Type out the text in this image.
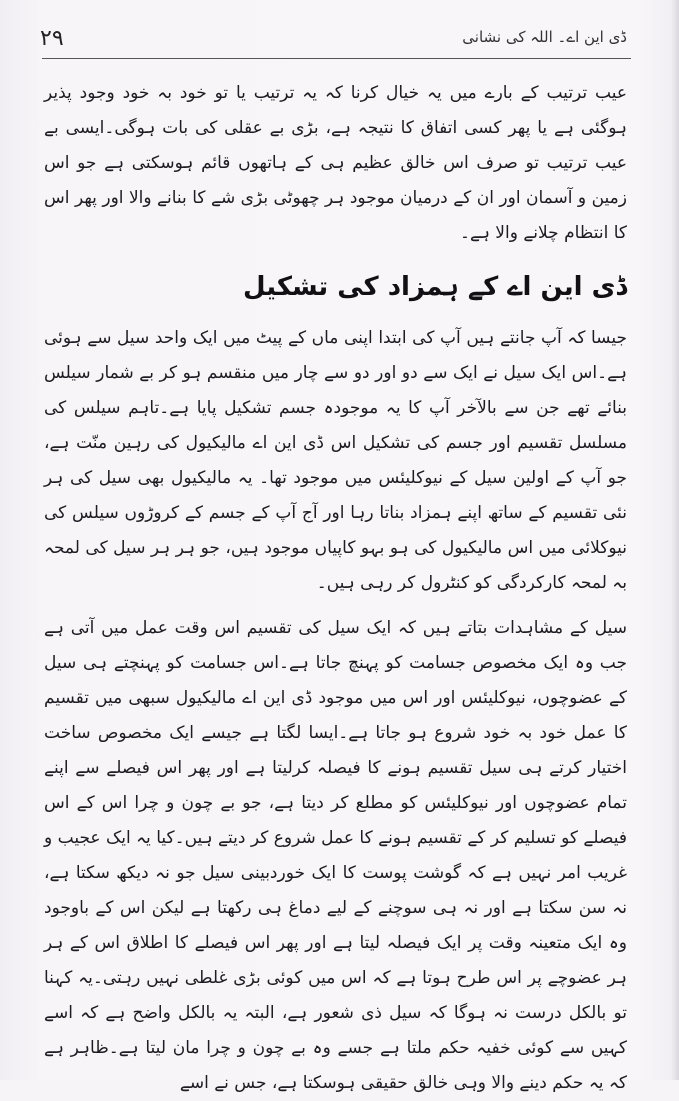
۲۹	ڈی این اے۔ اللہ کی نشانی

عیب ترتیب کے بارے میں یہ خیال کرنا کہ یہ ترتیب یا تو خود بہ خود وجود پذیر ہوگئی ہے یا پھر کسی اتفاق کا نتیجہ ہے، بڑی بے عقلی کی بات ہوگی۔ایسی بے عیب ترتیب تو صرف اس خالق عظیم ہی کے ہاتھوں قائم ہوسکتی ہے جو اس زمین و آسمان اور ان کے درمیان موجود ہر چھوٹی بڑی شے کا بنانے والا اور پھر اس کا انتظام چلانے والا ہے۔

ڈی این اے کے ہمزاد کی تشکیل

جیسا کہ آپ جانتے ہیں آپ کی ابتدا اپنی ماں کے پیٹ میں ایک واحد سیل سے ہوئی ہے۔اس ایک سیل نے ایک سے دو اور دو سے چار میں منقسم ہو کر بے شمار سیلس بنائے تھے جن سے بالآخر آپ کا یہ موجودہ جسم تشکیل پایا ہے۔تاہم سیلس کی مسلسل تقسیم اور جسم کی تشکیل اس ڈی این اے مالیکیول کی رہین منّت ہے، جو آپ کے اولین سیل کے نیوکلیئس میں موجود تھا۔ یہ مالیکیول بھی سیل کی ہر نئی تقسیم کے ساتھ اپنے ہمزاد بناتا رہا اور آج آپ کے جسم کے کروڑوں سیلس کی نیوکلائی میں اس مالیکیول کی ہو بہو کاپیاں موجود ہیں، جو ہر ہر سیل کی لمحہ بہ لمحہ کارکردگی کو کنٹرول کر رہی ہیں۔

سیل کے مشاہدات بتاتے ہیں کہ ایک سیل کی تقسیم اس وقت عمل میں آتی ہے جب وہ ایک مخصوص جسامت کو پہنچ جاتا ہے۔اس جسامت کو پہنچتے ہی سیل کے عضوچوں، نیوکلیئس اور اس میں موجود ڈی این اے مالیکیول سبھی میں تقسیم کا عمل خود بہ خود شروع ہو جاتا ہے۔ایسا لگتا ہے جیسے ایک مخصوص ساخت اختیار کرتے ہی سیل تقسیم ہونے کا فیصلہ کرلیتا ہے اور پھر اس فیصلے سے اپنے تمام عضوچوں اور نیوکلیئس کو مطلع کر دیتا ہے، جو بے چون و چرا اس کے اس فیصلے کو تسلیم کر کے تقسیم ہونے کا عمل شروع کر دیتے ہیں۔کیا یہ ایک عجیب و غریب امر نہیں ہے کہ گوشت پوست کا ایک خوردبینی سیل جو نہ دیکھ سکتا ہے، نہ سن سکتا ہے اور نہ ہی سوچنے کے لیے دماغ ہی رکھتا ہے لیکن اس کے باوجود وہ ایک متعینہ وقت پر ایک فیصلہ لیتا ہے اور پھر اس فیصلے کا اطلاق اس کے ہر ہر عضوچے پر اس طرح ہوتا ہے کہ اس میں کوئی بڑی غلطی نہیں رہتی۔یہ کہنا تو بالکل درست نہ ہوگا کہ سیل ذی شعور ہے، البتہ یہ بالکل واضح ہے کہ اسے کہیں سے کوئی خفیہ حکم ملتا ہے جسے وہ بے چون و چرا مان لیتا ہے۔ظاہر ہے کہ یہ حکم دینے والا وہی خالق حقیقی ہوسکتا ہے، جس نے اسے
